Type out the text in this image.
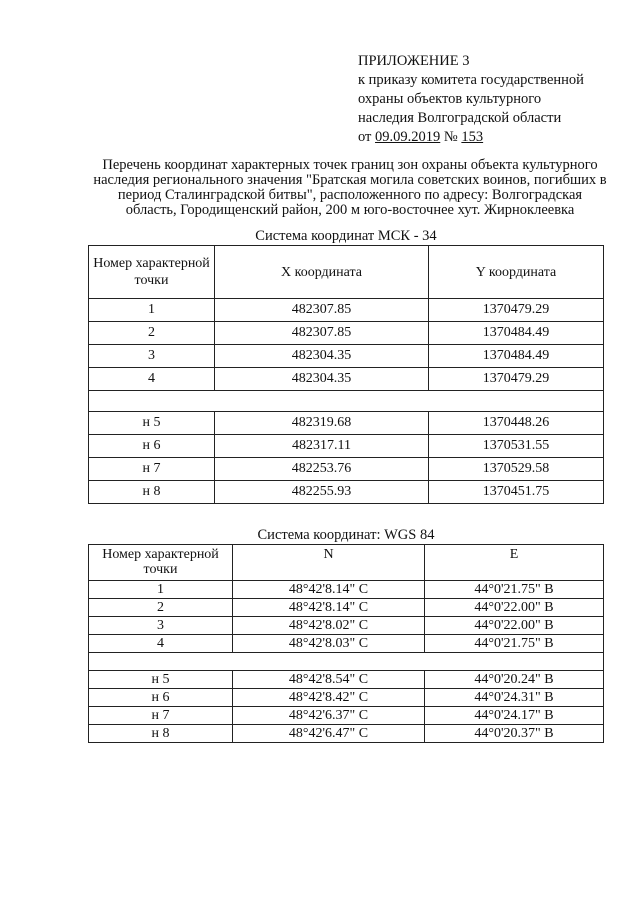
ПРИЛОЖЕНИЕ 3
к приказу комитета государственной
охраны объектов культурного
наследия Волгоградской области
от 09.09.2019 № 153
Перечень координат характерных точек границ зон охраны объекта культурного
наследия регионального значения "Братская могила советских воинов, погибших в
период Сталинградской битвы", расположенного по адресу: Волгоградская
область, Городищенский район, 200 м юго-восточнее хут. Жирноклеевка
Система координат МСК - 34
Номер характерной точки	X координата	Y координата
1	482307.85	1370479.29
2	482307.85	1370484.49
3	482304.35	1370484.49
4	482304.35	1370479.29

н 5	482319.68	1370448.26
н 6	482317.11	1370531.55
н 7	482253.76	1370529.58
н 8	482255.93	1370451.75
Система координат: WGS 84
Номер характерной точки	N	E
1	48°42'8.14" С	44°0'21.75" В
2	48°42'8.14" С	44°0'22.00" В
3	48°42'8.02" С	44°0'22.00" В
4	48°42'8.03" С	44°0'21.75" В

н 5	48°42'8.54" С	44°0'20.24" В
н 6	48°42'8.42" С	44°0'24.31" В
н 7	48°42'6.37" С	44°0'24.17" В
н 8	48°42'6.47" С	44°0'20.37" В
